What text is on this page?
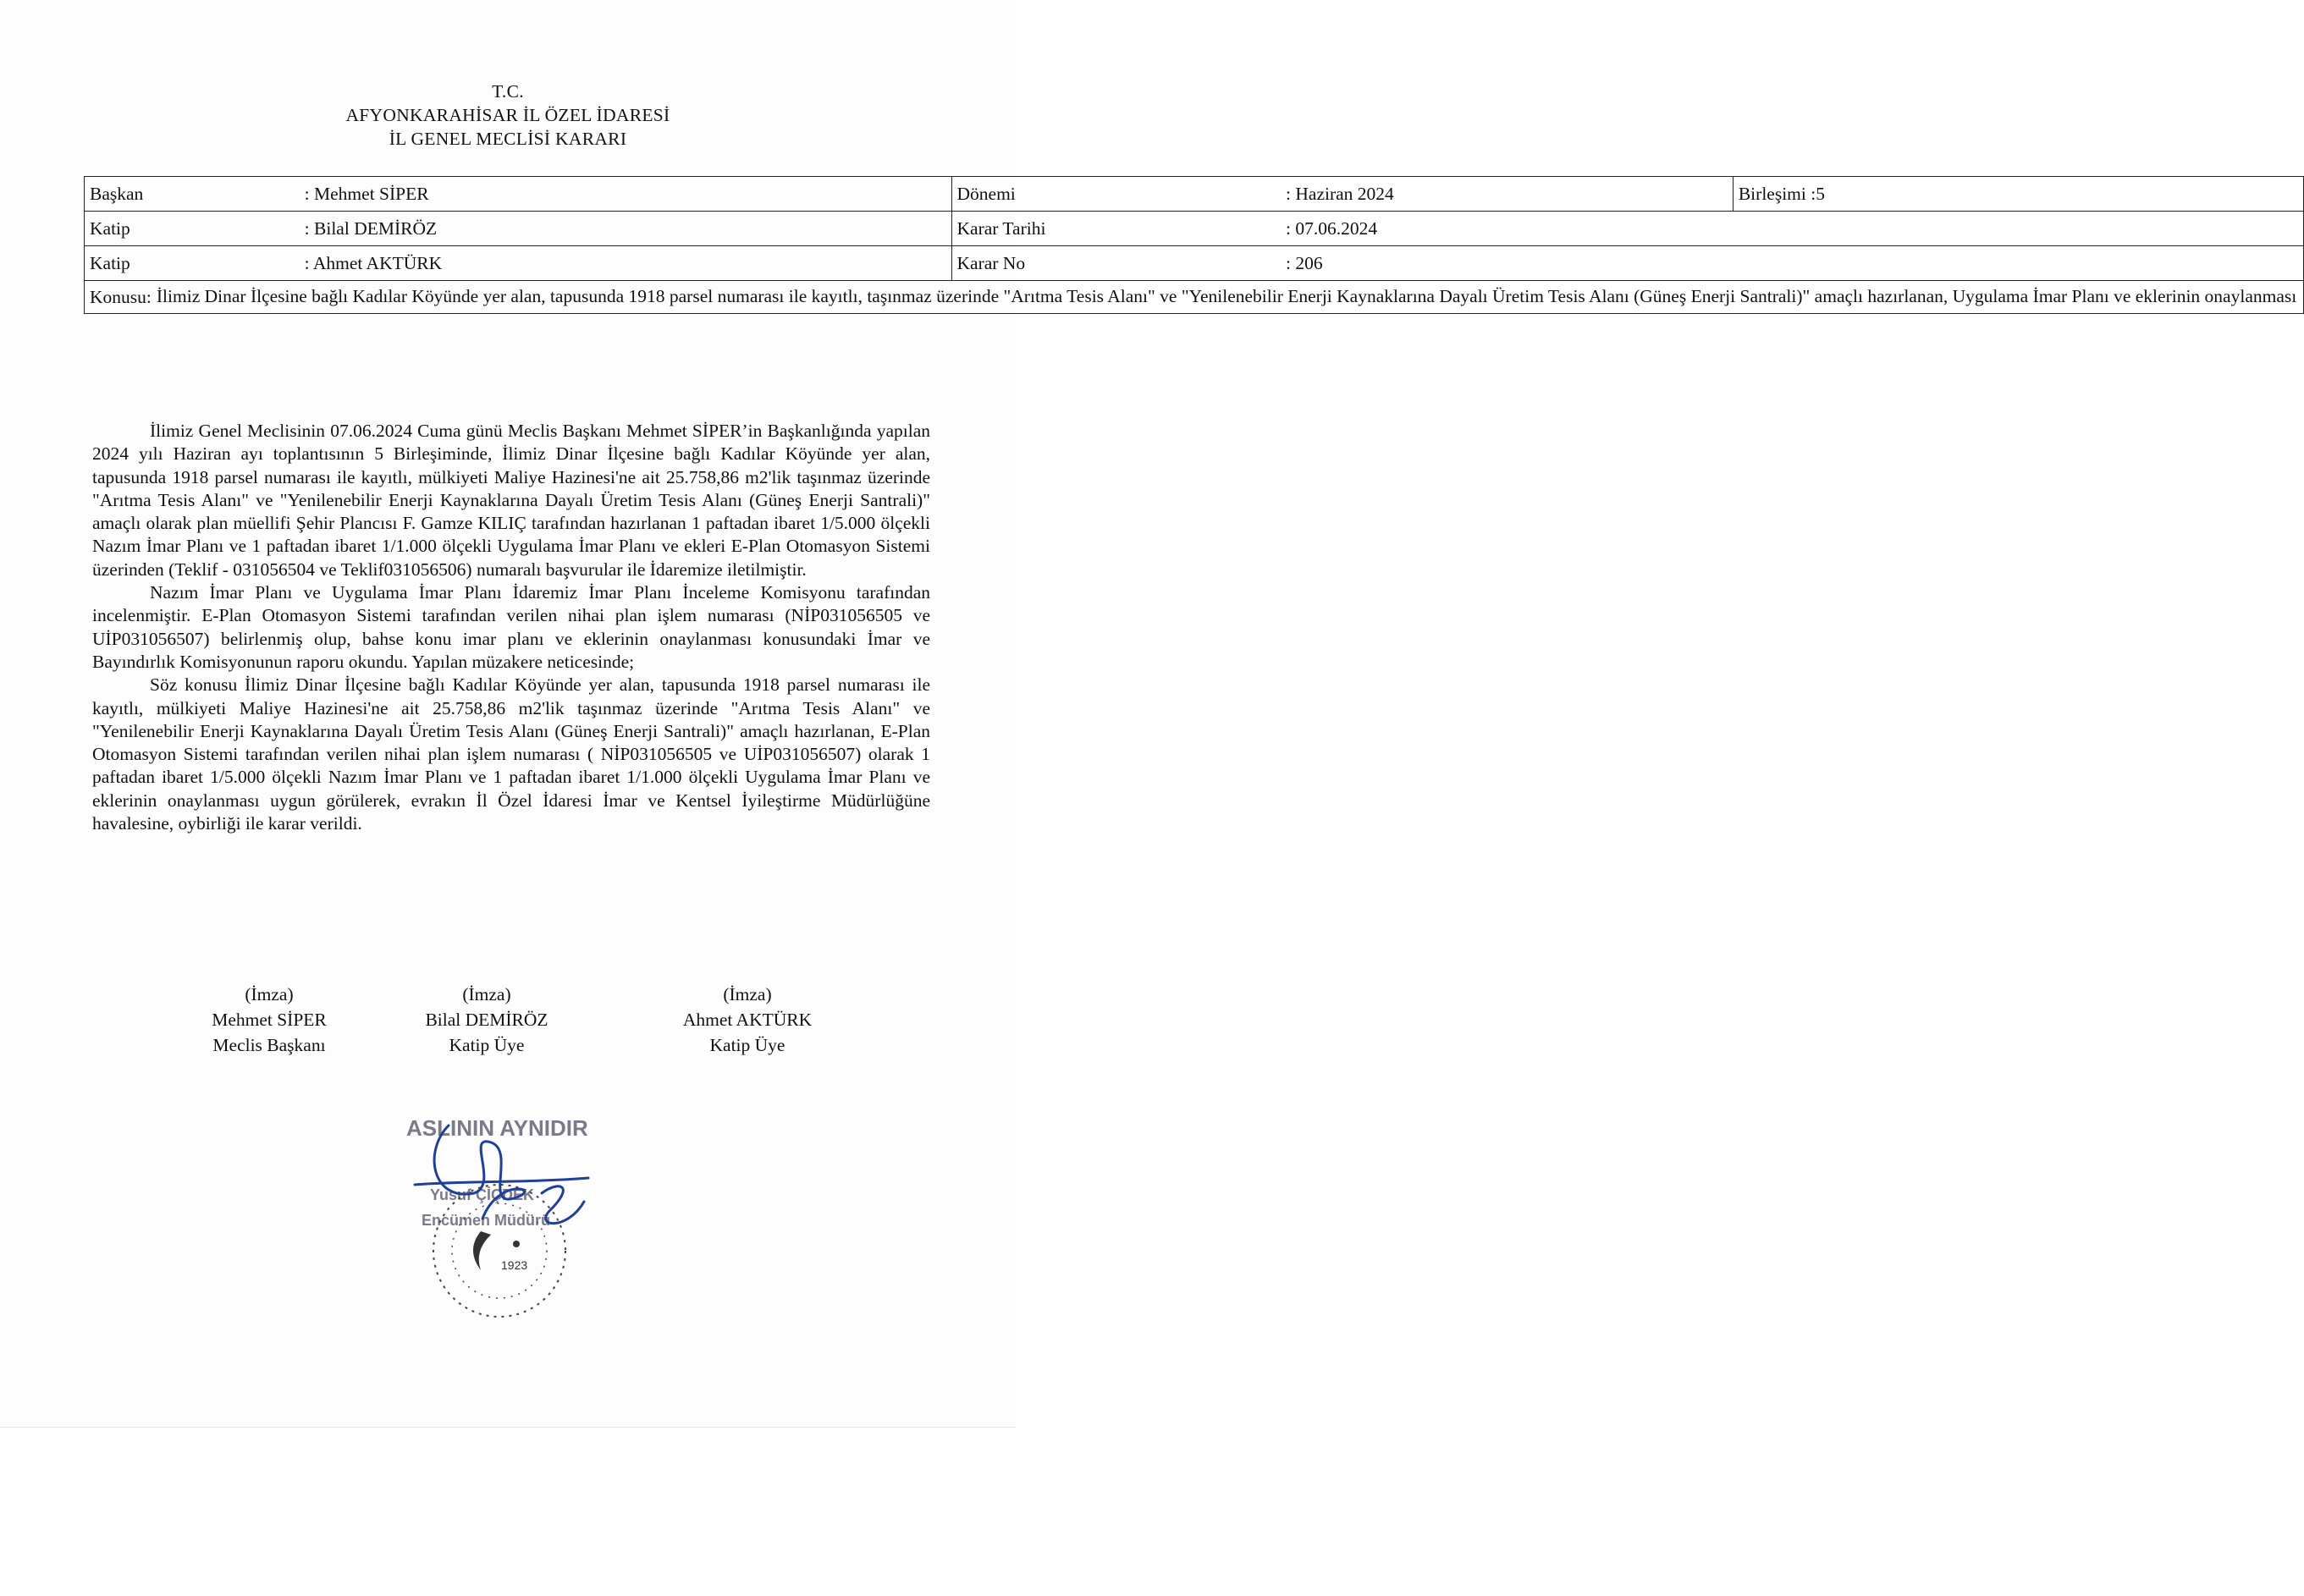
T.C.
AFYONKARAHİSAR İL ÖZEL İDARESİ
İL GENEL MECLİSİ KARARI
Başkan	: Mehmet SİPER	Dönemi	: Haziran 2024	Birleşimi :5
Katip	: Bilal DEMİRÖZ	Karar Tarihi	: 07.06.2024
Katip	: Ahmet AKTÜRK	Karar No	: 206

Konusu	:	İlimiz Dinar İlçesine bağlı Kadılar Köyünde yer alan, tapusunda 1918 parsel numarası ile kayıtlı, taşınmaz üzerinde "Arıtma Tesis Alanı" ve "Yenilenebilir Enerji Kaynaklarına Dayalı Üretim Tesis Alanı (Güneş Enerji Santrali)" amaçlı hazırlanan, Uygulama İmar Planı ve eklerinin onaylanması

İlimiz Genel Meclisinin 07.06.2024 Cuma günü Meclis Başkanı Mehmet SİPER’in Başkanlığında yapılan 2024 yılı Haziran ayı toplantısının 5 Birleşiminde, İlimiz Dinar İlçesine bağlı Kadılar Köyünde yer alan, tapusunda 1918 parsel numarası ile kayıtlı, mülkiyeti Maliye Hazinesi'ne ait 25.758,86 m2'lik taşınmaz üzerinde "Arıtma Tesis Alanı" ve "Yenilenebilir Enerji Kaynaklarına Dayalı Üretim Tesis Alanı (Güneş Enerji Santrali)" amaçlı olarak plan müellifi Şehir Plancısı F. Gamze KILIÇ tarafından hazırlanan 1 paftadan ibaret 1/5.000 ölçekli Nazım İmar Planı ve 1 paftadan ibaret 1/1.000 ölçekli Uygulama İmar Planı ve ekleri E-Plan Otomasyon Sistemi üzerinden (Teklif - 031056504 ve Teklif031056506) numaralı başvurular ile İdaremize iletilmiştir.

Nazım İmar Planı ve Uygulama İmar Planı İdaremiz İmar Planı İnceleme Komisyonu tarafından incelenmiştir. E-Plan Otomasyon Sistemi tarafından verilen nihai plan işlem numarası (NİP031056505 ve UİP031056507) belirlenmiş olup, bahse konu imar planı ve eklerinin onaylanması konusundaki İmar ve Bayındırlık Komisyonunun raporu okundu. Yapılan müzakere neticesinde;

Söz konusu İlimiz Dinar İlçesine bağlı Kadılar Köyünde yer alan, tapusunda 1918 parsel numarası ile kayıtlı, mülkiyeti Maliye Hazinesi'ne ait 25.758,86 m2'lik taşınmaz üzerinde "Arıtma Tesis Alanı" ve "Yenilenebilir Enerji Kaynaklarına Dayalı Üretim Tesis Alanı (Güneş Enerji Santrali)" amaçlı hazırlanan, E-Plan Otomasyon Sistemi tarafından verilen nihai plan işlem numarası ( NİP031056505 ve UİP031056507) olarak 1 paftadan ibaret 1/5.000 ölçekli Nazım İmar Planı ve 1 paftadan ibaret 1/1.000 ölçekli Uygulama İmar Planı ve eklerinin onaylanması uygun görülerek, evrakın İl Özel İdaresi İmar ve Kentsel İyileştirme Müdürlüğüne havalesine, oybirliği ile karar verildi.

(İmza)
Mehmet SİPER
Meclis Başkanı
(İmza)
Bilal DEMİRÖZ
Katip Üye
(İmza)
Ahmet AKTÜRK
Katip Üye
ASLININ AYNIDIR
Yusuf ÇİÇDEK
Encümen Müdürü
1923
